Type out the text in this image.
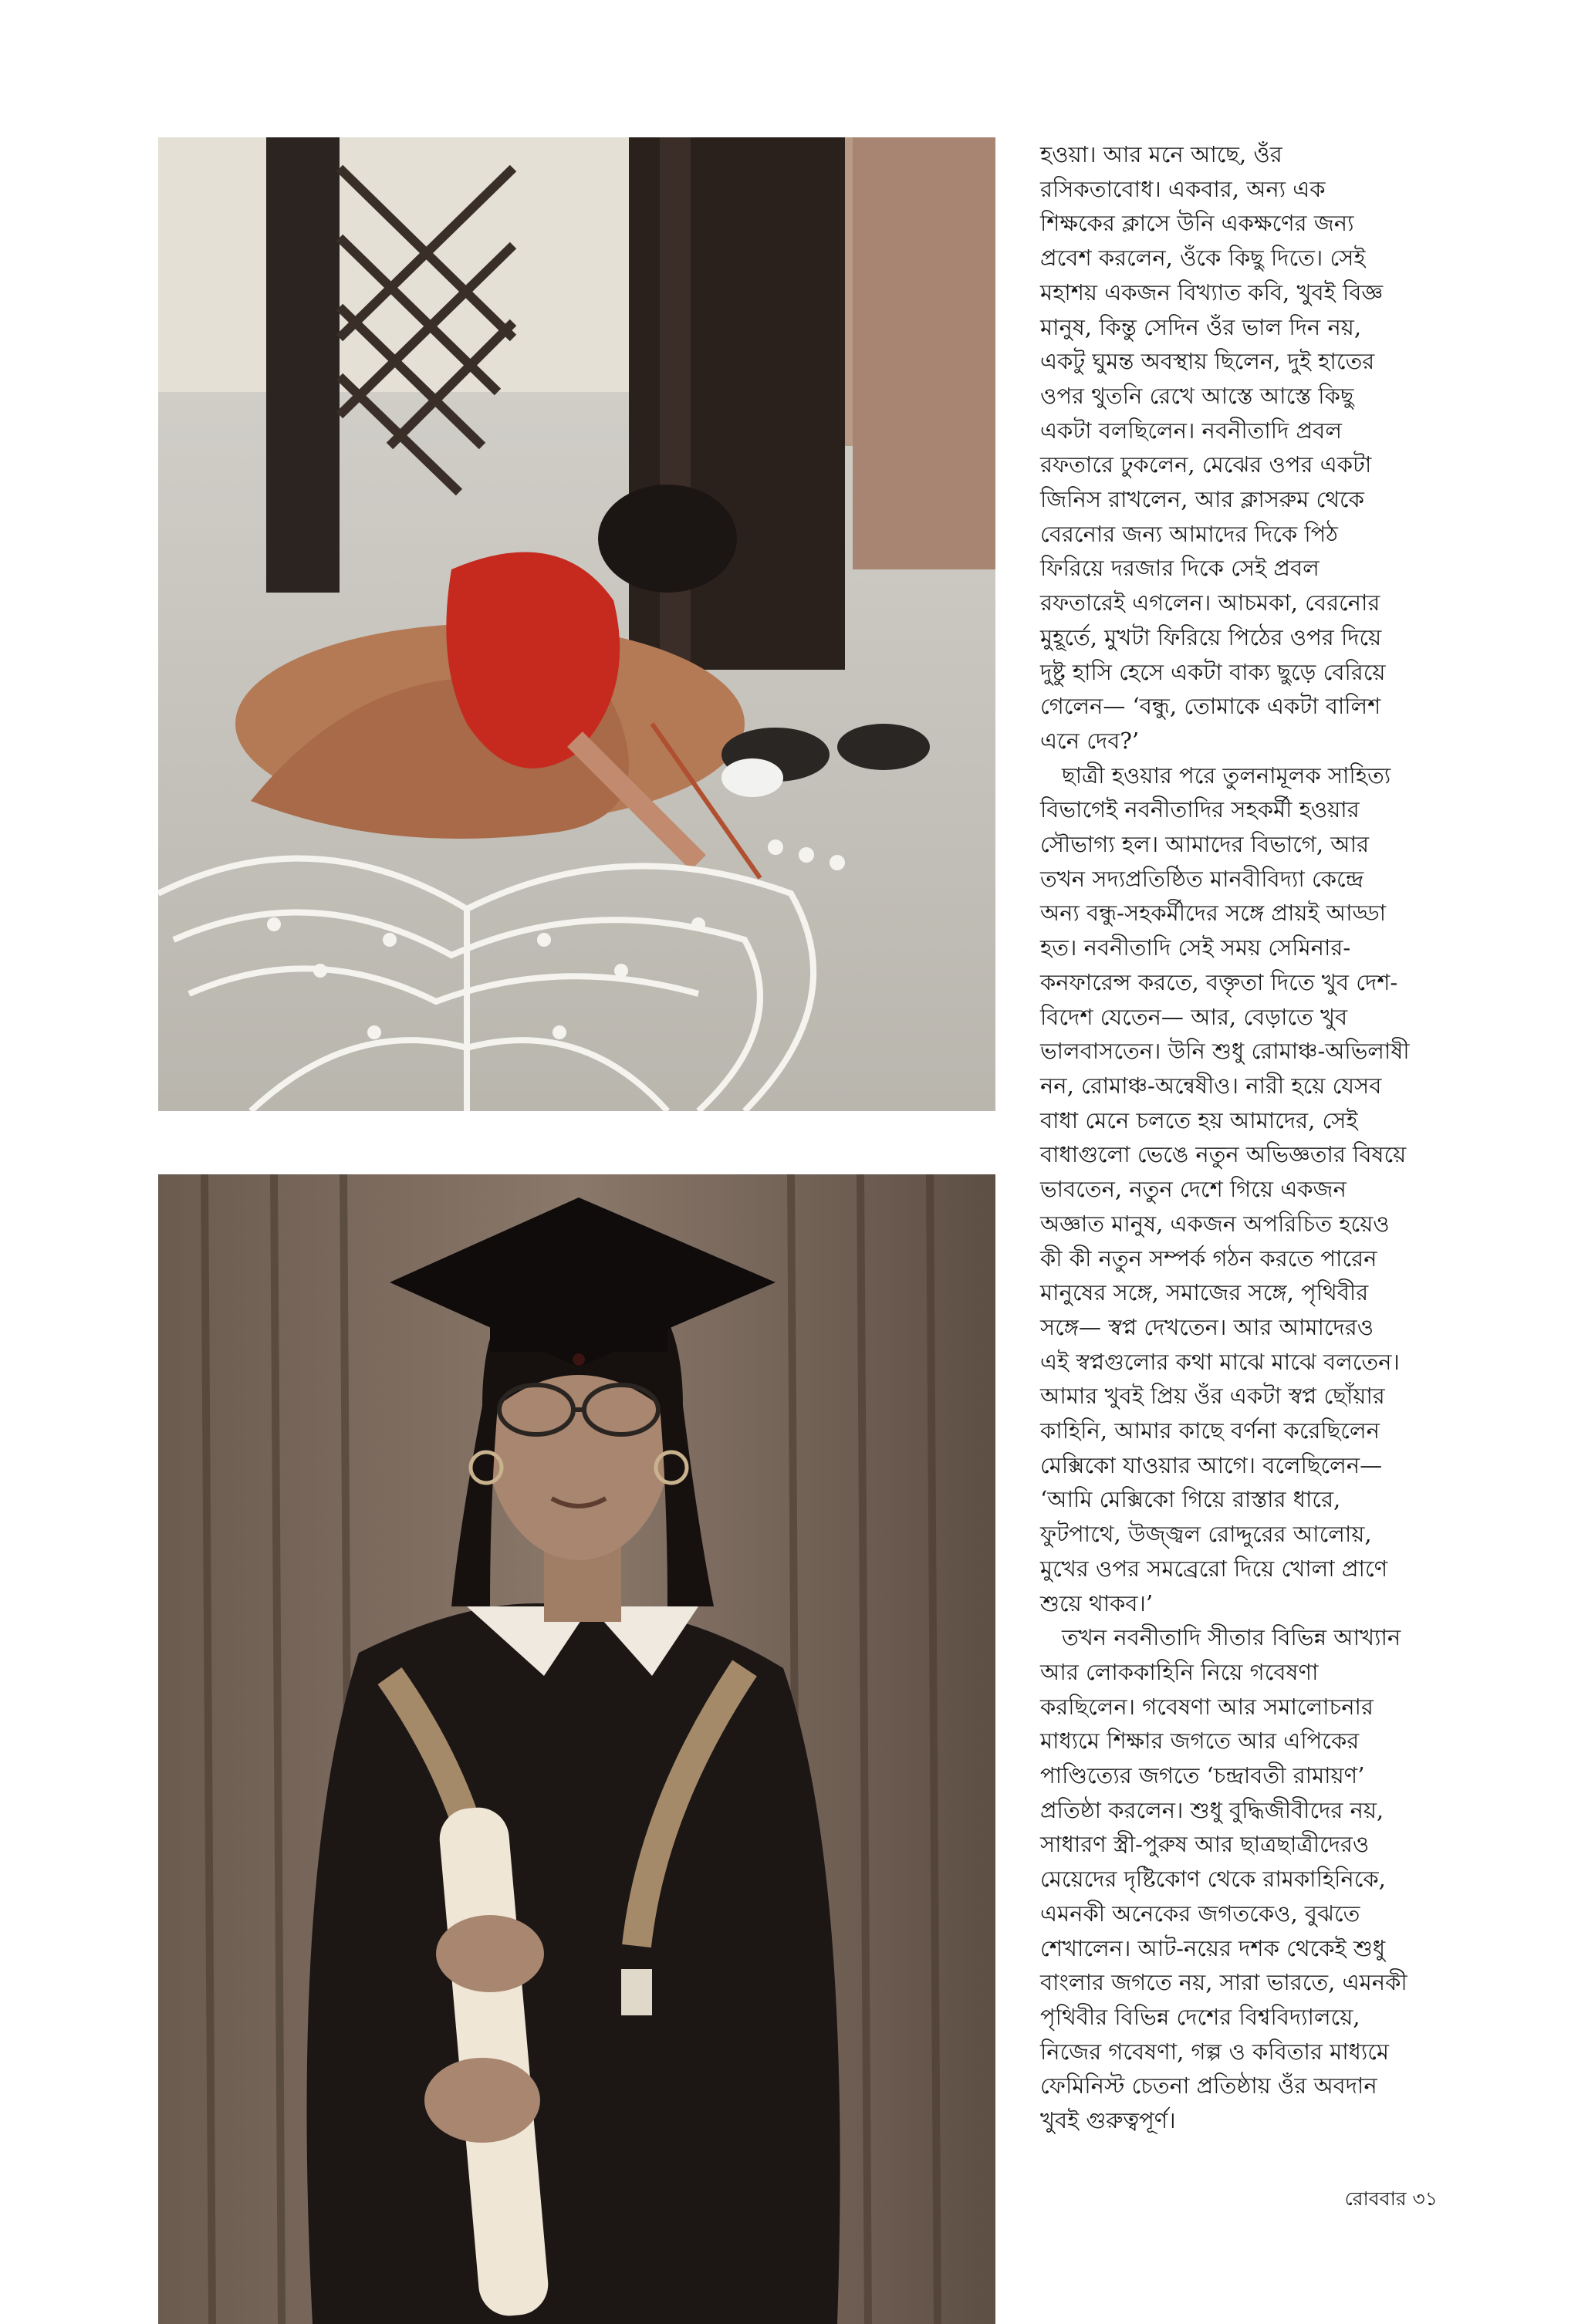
হওয়া। আর মনে আছে, ওঁর
রসিকতাবোধ। একবার, অন্য এক
শিক্ষকের ক্লাসে উনি এক​ক্ষণের জন্য
প্রবেশ করলেন, ওঁকে কিছু দিতে। সেই
মহাশয় একজন বিখ্যাত কবি, খুবই বিজ্ঞ
মানুষ, কিন্তু সেদিন ওঁর ভাল দিন নয়,
একটু ঘুমন্ত অবস্থায় ছিলেন, দুই হাতের
ওপর থুতনি রেখে আস্তে আস্তে কিছু
একটা বলছিলেন। নবনীতাদি প্রবল
রফতারে ঢুকলেন, মেঝের ওপর একটা
জিনিস রাখলেন, আর ক্লাসরুম থেকে
বেরনোর জন্য আমাদের দিকে পিঠ
ফিরিয়ে দরজার দিকে সেই প্রবল
রফতারেই এগলেন। আচমকা, বেরনোর
মুহূর্তে, মুখটা ফিরিয়ে পিঠের ওপর দিয়ে
দুষ্টু হাসি হেসে একটা বাক্য ছুড়ে বেরিয়ে
গেলেন— ‘বন্ধু, তোমাকে একটা বালিশ
এনে দেব?’

ছাত্রী হওয়ার পরে তুলনামূলক সাহিত্য
বিভাগেই নবনীতাদির সহকর্মী হওয়ার
সৌভাগ্য হল। আমাদের বিভাগে, আর
তখন সদ্যপ্রতিষ্ঠিত মানবীবিদ্যা কেন্দ্রে
অন্য বন্ধু-সহকর্মীদের সঙ্গে প্রায়ই আড্ডা
হত। নবনীতাদি সেই সময় সেমিনার-
কনফারেন্স করতে, বক্তৃতা দিতে খুব দেশ-
বিদেশ যেতেন— আর, বেড়াতে খুব
ভালবাসতেন। উনি শুধু রোমাঞ্চ-অভিলাষী
নন, রোমাঞ্চ-অন্বেষীও। নারী হয়ে যেসব
বাধা মেনে চলতে হয় আমাদের, সেই
বাধাগুলো ভেঙে নতুন অভিজ্ঞতার বিষয়ে
ভাবতেন, নতুন দেশে গিয়ে একজন
অজ্ঞাত মানুষ, একজন অপরিচিত হয়েও
কী কী নতুন সম্পর্ক গঠন করতে পারেন
মানুষের সঙ্গে, সমাজের সঙ্গে, পৃথিবীর
সঙ্গে— স্বপ্ন দেখতেন। আর আমাদেরও
এই স্বপ্নগুলোর কথা মাঝে মাঝে বলতেন।
আমার খুবই প্রিয় ওঁর একটা স্বপ্ন ছোঁয়ার
কাহিনি, আমার কাছে বর্ণনা করেছিলেন
মেক্সিকো যাওয়ার আগে। বলেছিলেন—
‘আমি মেক্সিকো গিয়ে রাস্তার ধারে,
ফুটপাথে, উজ্জ্বল রোদ্দুরের আলোয়,
মুখের ওপর সমব্রেরো দিয়ে খোলা প্রাণে
শুয়ে থাকব।’

তখন নবনীতাদি সীতার বিভিন্ন আখ্যান
আর লোককাহিনি নিয়ে গবেষণা
করছিলেন। গবেষণা আর সমালোচনার
মাধ্যমে শিক্ষার জগতে আর এপিকের
পাণ্ডিত্যের জগতে ‘চন্দ্রাবতী রামায়ণ’
প্রতিষ্ঠা করলেন। শুধু বুদ্ধিজীবীদের নয়,
সাধারণ স্ত্রী-পুরুষ আর ছাত্রছাত্রীদেরও
মেয়েদের দৃষ্টিকোণ থেকে রামকাহিনিকে,
এমনকী অনেকের জগতকেও, বুঝতে
শেখালেন। আট-নয়ের দশক থেকেই শুধু
বাংলার জগতে নয়, সারা ভারতে, এমনকী
পৃথিবীর বিভিন্ন দেশের বিশ্ববিদ্যালয়ে,
নিজের গবেষণা, গল্প ও কবিতার মাধ্যমে
ফেমিনিস্ট চেতনা প্রতিষ্ঠায় ওঁর অবদান
খুবই গুরুত্বপূর্ণ।

রোববার ৩১
